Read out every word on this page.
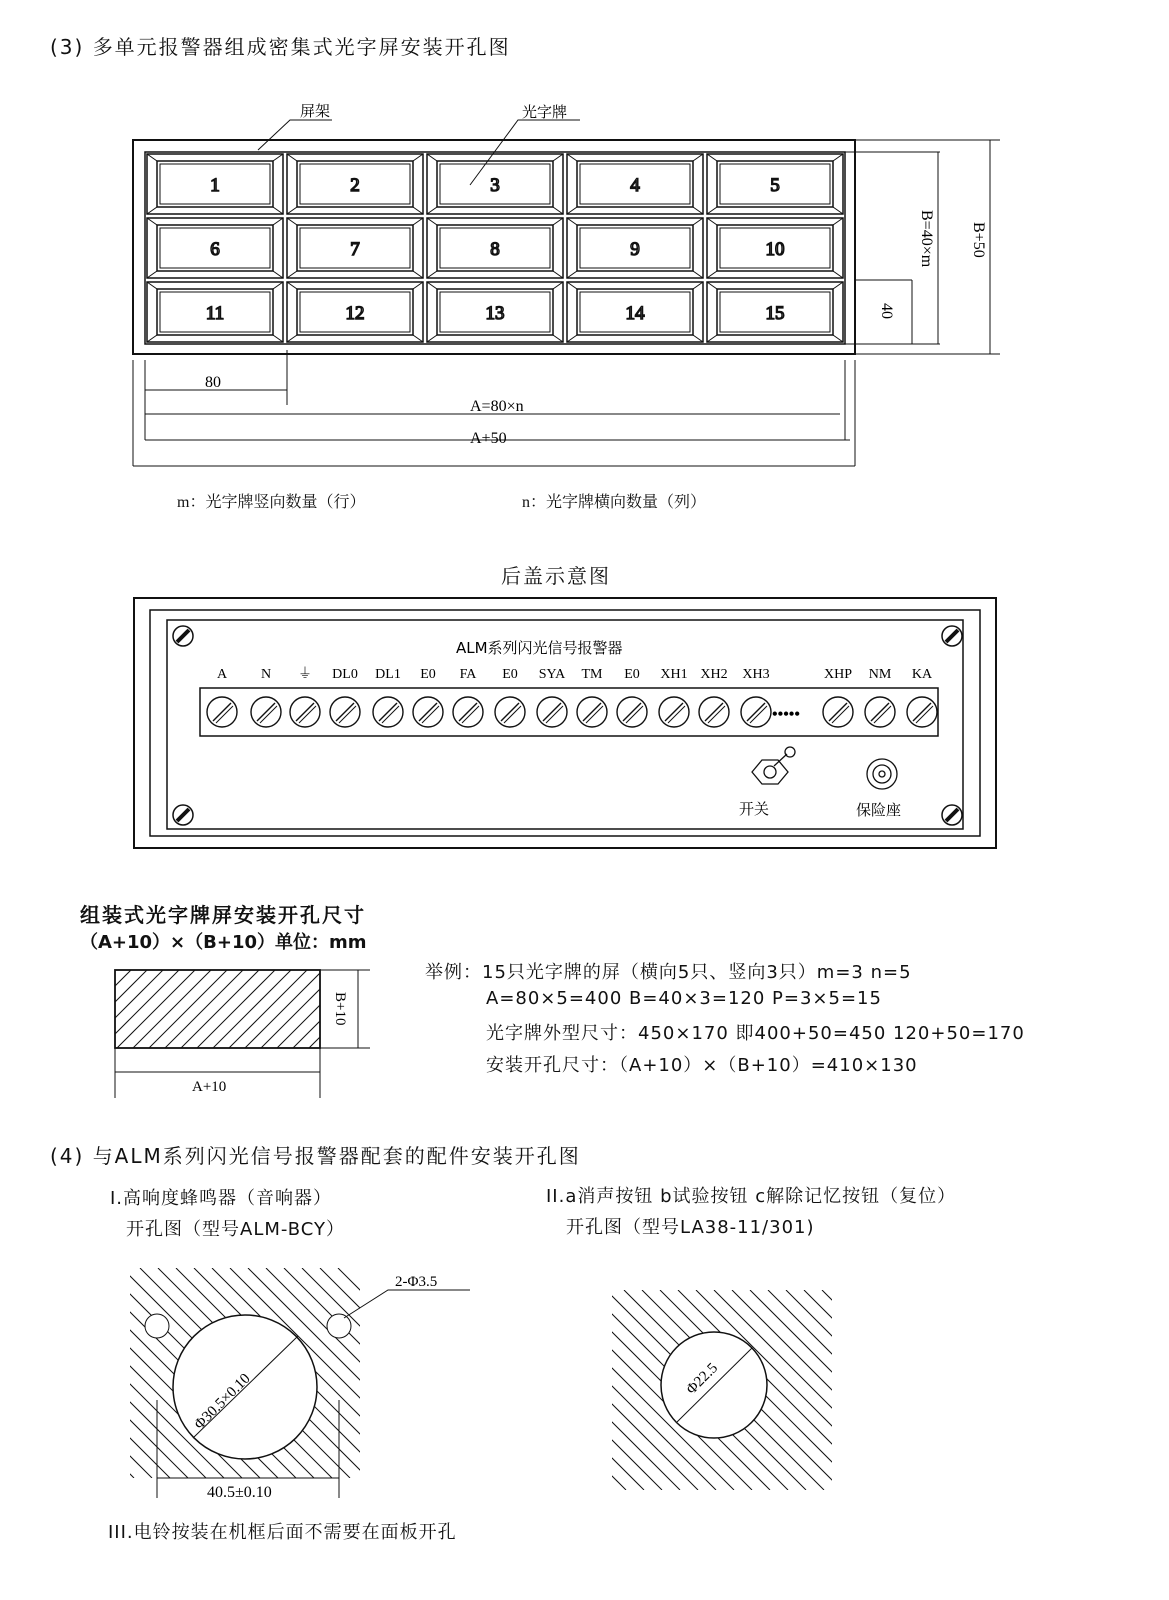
(3) 多单元报警器组成密集式光字屏安装开孔图
1	2	3	4	5
6	7	8	9	10
11	12	13	14	15
屏架	光字牌
80
A=80×n
A+50
B=40×m B+50
40
ALM系列闪光信号报警器
A N ⏚ DL0 DL1 E0 FA E0 SYA TM E0 XH1 XH2 XH3	XHP NM KA
•••••
开关	保险座
B+10
A+10
2-Φ3.5
Φ30.5×0.10
40.5±0.10
Φ22.5
m：光字牌竖向数量（行）	n：光字牌横向数量（列）
后盖示意图
组装式光字牌屏安装开孔尺寸
（A+10）×（B+10）单位：mm
举例：15只光字牌的屏（横向5只、竖向3只）m=3 n=5
A=80×5=400 B=40×3=120 P=3×5=15
光字牌外型尺寸：450×170 即400+50=450 120+50=170
安装开孔尺寸：（A+10）×（B+10）=410×130
(4) 与ALM系列闪光信号报警器配套的配件安装开孔图
I.高响度蜂鸣器（音响器）
开孔图（型号ALM-BCY）
II.a消声按钮 b试验按钮 c解除记忆按钮（复位）
开孔图（型号LA38-11/301)
III.电铃按装在机框后面不需要在面板开孔
